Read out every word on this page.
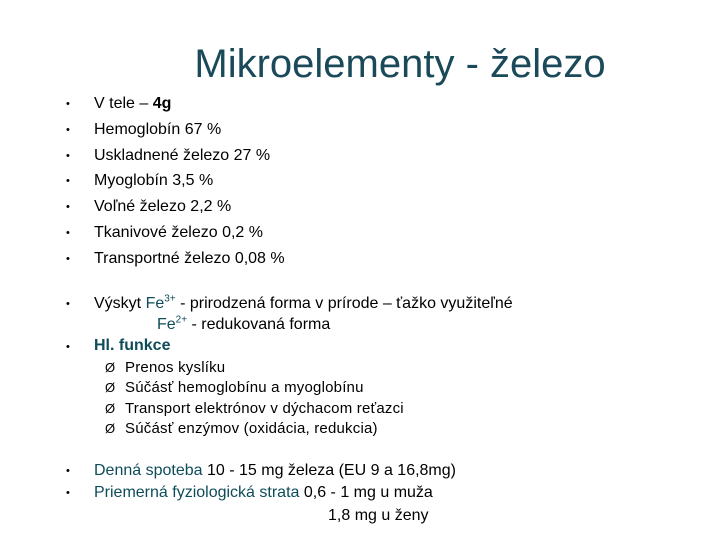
Mikroelementy - železo
• V tele – 4g
• Hemoglobín 67 %
• Uskladnené železo 27 %
• Myoglobín 3,5 %
• Voľné železo 2,2 %
• Tkanivové železo 0,2 %
• Transportné železo 0,08 %
• Výskyt $Fe^{3+}$ - prirodzená forma v prírode – ťažko využiteľné
$Fe^{2+}$ - redukovaná forma
• Hl. funkce
Ø Prenos kyslíku
Ø Súčásť hemoglobínu a myoglobínu
Ø Transport elektrónov v dýchacom reťazci
Ø Súčásť enzýmov (oxidácia, redukcia)
• Denná spoteba 10 - 15 mg železa (EU 9 a 16,8mg)
• Priemerná fyziologická strata 0,6 - 1 mg u muža
1,8 mg u ženy
